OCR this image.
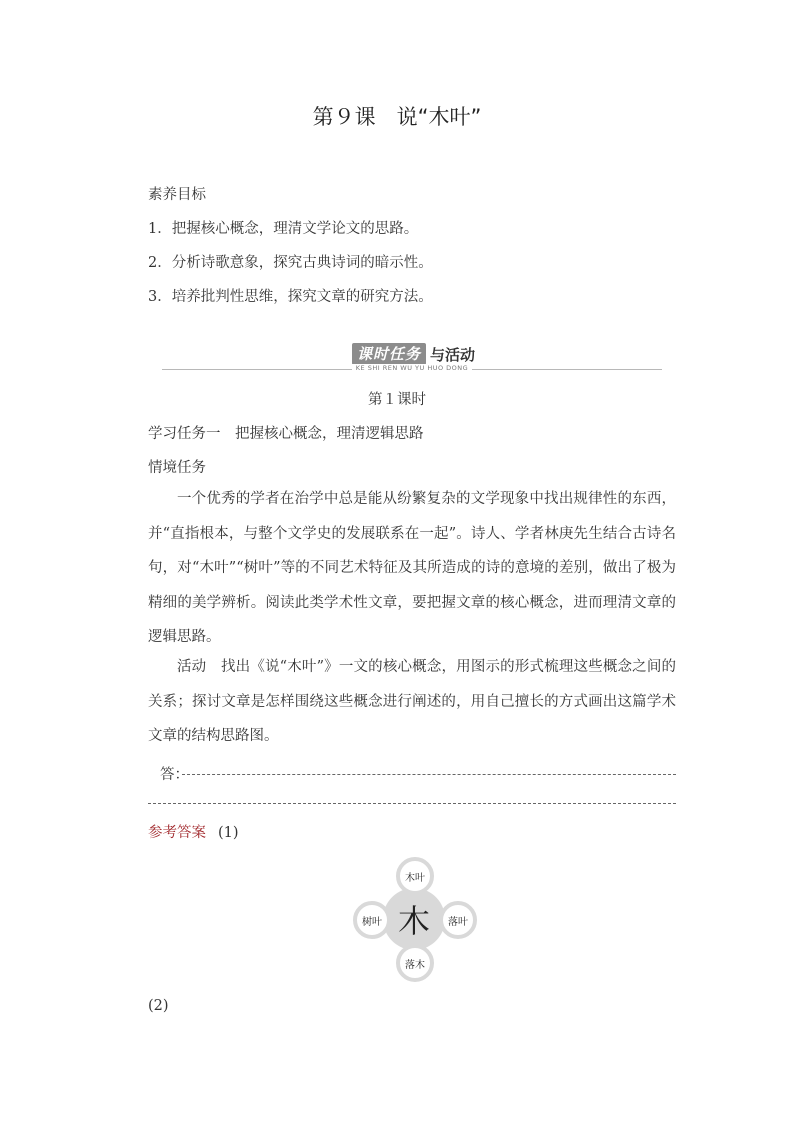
第９课　说“木叶”
素养目标
1．把握核心概念，理清文学论文的思路。
2．分析诗歌意象，探究古典诗词的暗示性。
3．培养批判性思维，探究文章的研究方法。
课时任务 与活动
KE SHI REN WU YU HUO DONG
第１课时
学习任务一　把握核心概念，理清逻辑思路
情境任务

一个优秀的学者在治学中总是能从纷繁复杂的文学现象中找出规律性的东西，并“直指根本，与整个文学史的发展联系在一起”。诗人、学者林庚先生结合古诗名句，对“木叶”“树叶”等的不同艺术特征及其所造成的诗的意境的差别，做出了极为精细的美学辨析。阅读此类学术性文章，要把握文章的核心概念，进而理清文章的逻辑思路。

活动　找出《说“木叶”》一文的核心概念，用图示的形式梳理这些概念之间的关系；探讨文章是怎样围绕这些概念进行阐述的，用自己擅长的方式画出这篇学术文章的结构思路图。

答：
参考答案 (1)
木
木叶
树叶	落叶
落木
(2)
